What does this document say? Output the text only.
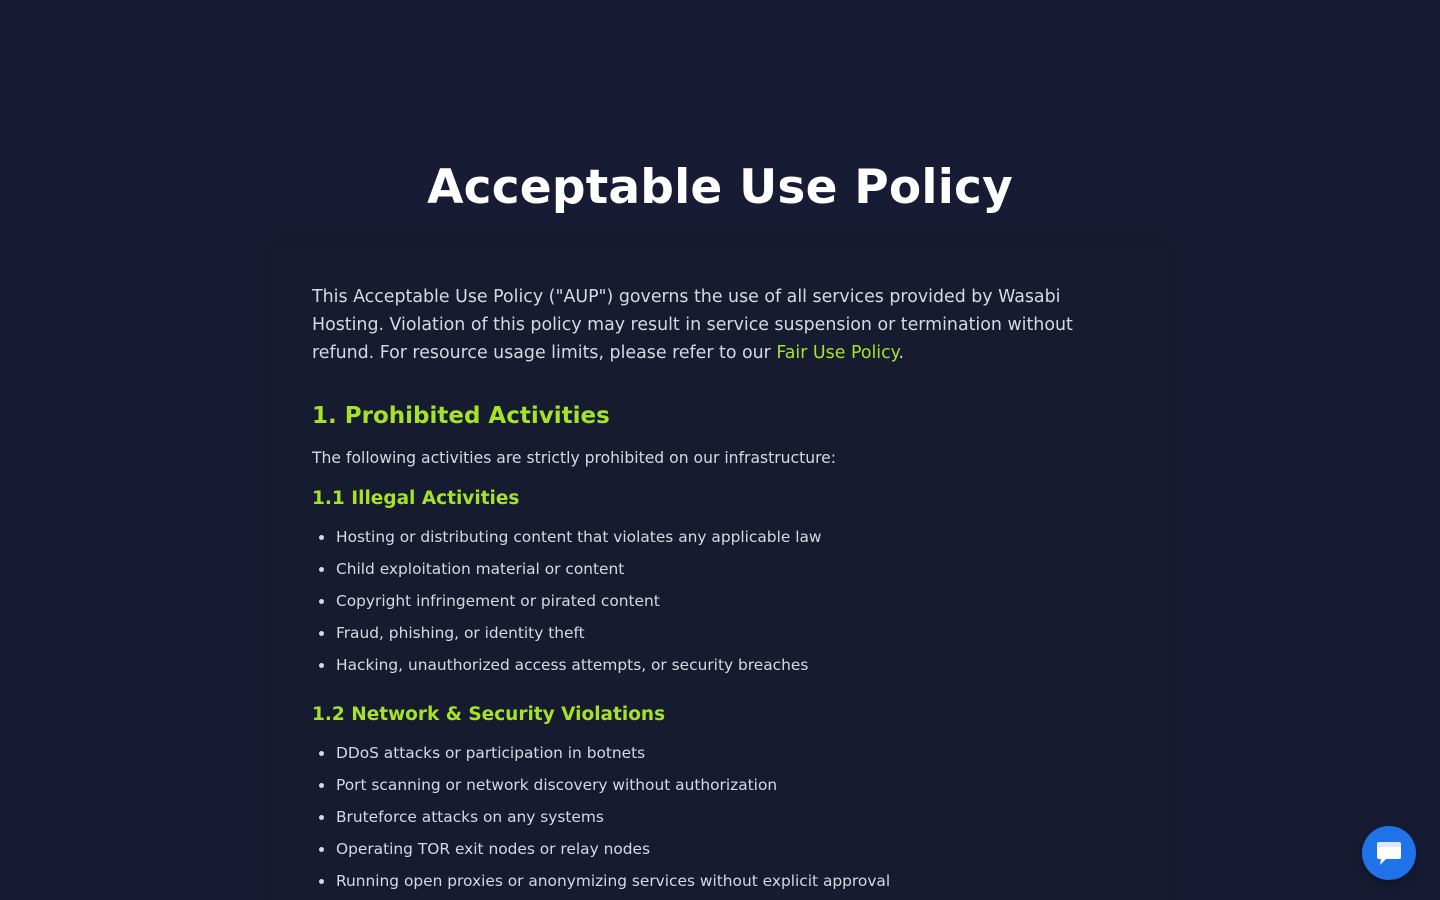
Acceptable Use Policy

This Acceptable Use Policy ("AUP") governs the use of all services provided by Wasabi Hosting. Violation of this policy may result in service suspension or termination without refund. For resource usage limits, please refer to our Fair Use Policy.

1. Prohibited Activities

The following activities are strictly prohibited on our infrastructure:

1.1 Illegal Activities
Hosting or distributing content that violates any applicable law
Child exploitation material or content
Copyright infringement or pirated content
Fraud, phishing, or identity theft
Hacking, unauthorized access attempts, or security breaches
1.2 Network & Security Violations
DDoS attacks or participation in botnets
Port scanning or network discovery without authorization
Bruteforce attacks on any systems
Operating TOR exit nodes or relay nodes
Running open proxies or anonymizing services without explicit approval
